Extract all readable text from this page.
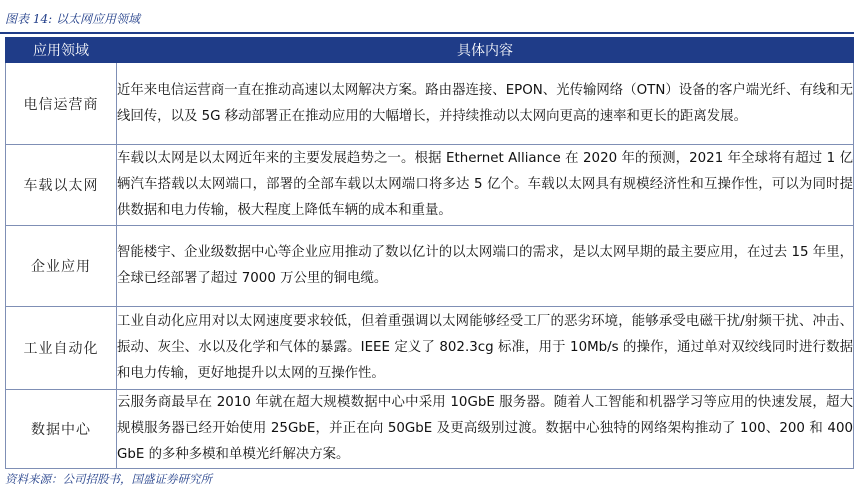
图表 14: 以太网应用领域
应用领域	具体内容
电信运营商	近年来电信运营商一直在推动高速以太网解决方案。路由器连接、EPON、光传输网络（OTN）设备的客户端光纤、有线和无线回传，以及 5G 移动部署正在推动应用的大幅增长，并持续推动以太网向更高的速率和更长的距离发展。
车载以太网	车载以太网是以太网近年来的主要发展趋势之一。根据 Ethernet Alliance 在 2020 年的预测，2021 年全球将有超过 1 亿辆汽车搭载以太网端口，部署的全部车载以太网端口将多达 5 亿个。车载以太网具有规模经济性和互操作性，可以为同时提供数据和电力传输，极大程度上降低车辆的成本和重量。
企业应用	智能楼宇、企业级数据中心等企业应用推动了数以亿计的以太网端口的需求，是以太网早期的最主要应用，在过去 15 年里，全球已经部署了超过 7000 万公里的铜电缆。
工业自动化	工业自动化应用对以太网速度要求较低，但着重强调以太网能够经受工厂的恶劣环境，能够承受电磁干扰/射频干扰、冲击、振动、灰尘、水以及化学和气体的暴露。IEEE 定义了 802.3cg 标准，用于 10Mb/s 的操作，通过单对双绞线同时进行数据和电力传输，更好地提升以太网的互操作性。
数据中心	云服务商最早在 2010 年就在超大规模数据中心中采用 10GbE 服务器。随着人工智能和机器学习等应用的快速发展，超大规模服务器已经开始使用 25GbE，并正在向 50GbE 及更高级别过渡。数据中心独特的网络架构推动了 100、200 和 400 GbE 的多种多模和单模光纤解决方案。
资料来源：公司招股书，国盛证券研究所
